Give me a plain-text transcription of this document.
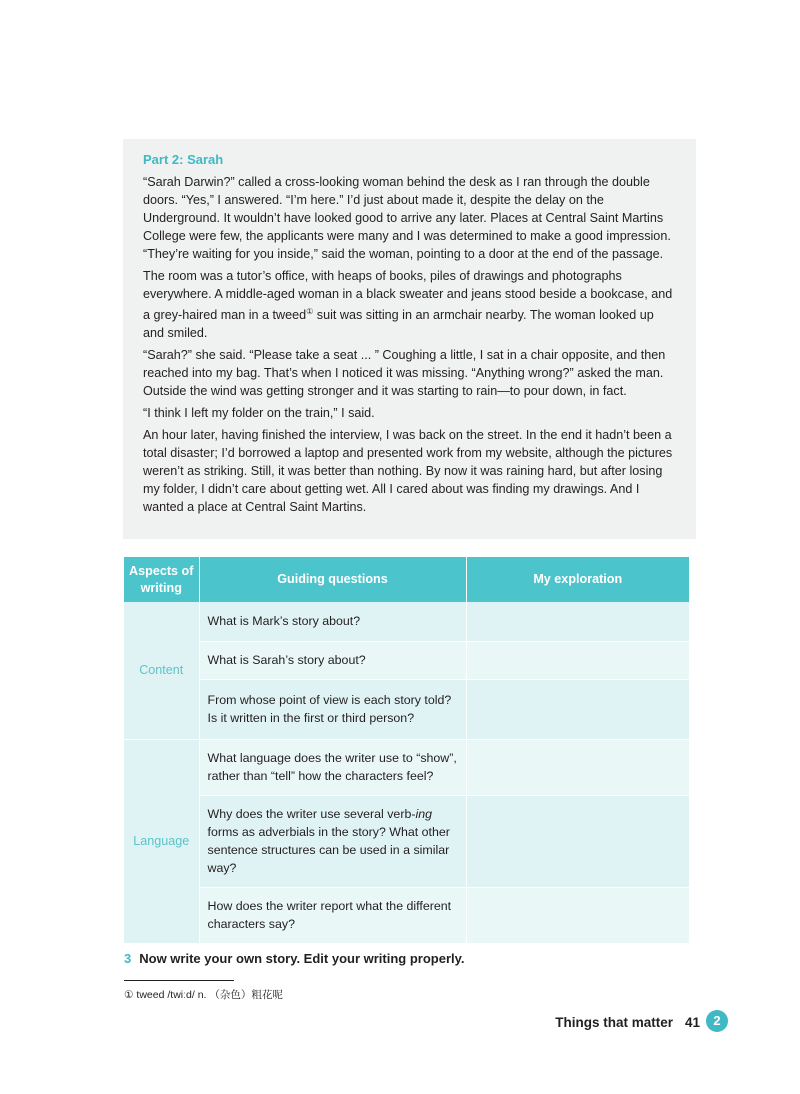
Part 2: Sarah

“Sarah Darwin?” called a cross-looking woman behind the desk as I ran through the double doors. “Yes,” I answered. “I’m here.” I’d just about made it, despite the delay on the Underground. It wouldn’t have looked good to arrive any later. Places at Central Saint Martins College were few, the applicants were many and I was determined to make a good impression. “They’re waiting for you inside,” said the woman, pointing to a door at the end of the passage.

The room was a tutor’s office, with heaps of books, piles of drawings and photographs everywhere. A middle-aged woman in a black sweater and jeans stood beside a bookcase, and a grey-haired man in a tweed① suit was sitting in an armchair nearby. The woman looked up and smiled.

“Sarah?” she said. “Please take a seat ... ” Coughing a little, I sat in a chair opposite, and then reached into my bag. That’s when I noticed it was missing. “Anything wrong?” asked the man. Outside the wind was getting stronger and it was starting to rain—to pour down, in fact.

“I think I left my folder on the train,” I said.

An hour later, having finished the interview, I was back on the street. In the end it hadn’t been a total disaster; I’d borrowed a laptop and presented work from my website, although the pictures weren’t as striking. Still, it was better than nothing. By now it was raining hard, but after losing my folder, I didn’t care about getting wet. All I cared about was finding my drawings. And I wanted a place at Central Saint Martins.

Aspects of writing	Guiding questions	My exploration
Content	What is Mark’s story about?	
	What is Sarah’s story about?	
	From whose point of view is each story told? Is it written in the first or third person?	
Language	What language does the writer use to “show”, rather than “tell” how the characters feel?	
	Why does the writer use several verb-ing forms as adverbials in the story? What other sentence structures can be used in a similar way?	
	How does the writer report what the different characters say?	
3 Now write your own story. Edit your writing properly.
① tweed /twiːd/ n. （杂色）粗花呢
Things that matter 41	2
